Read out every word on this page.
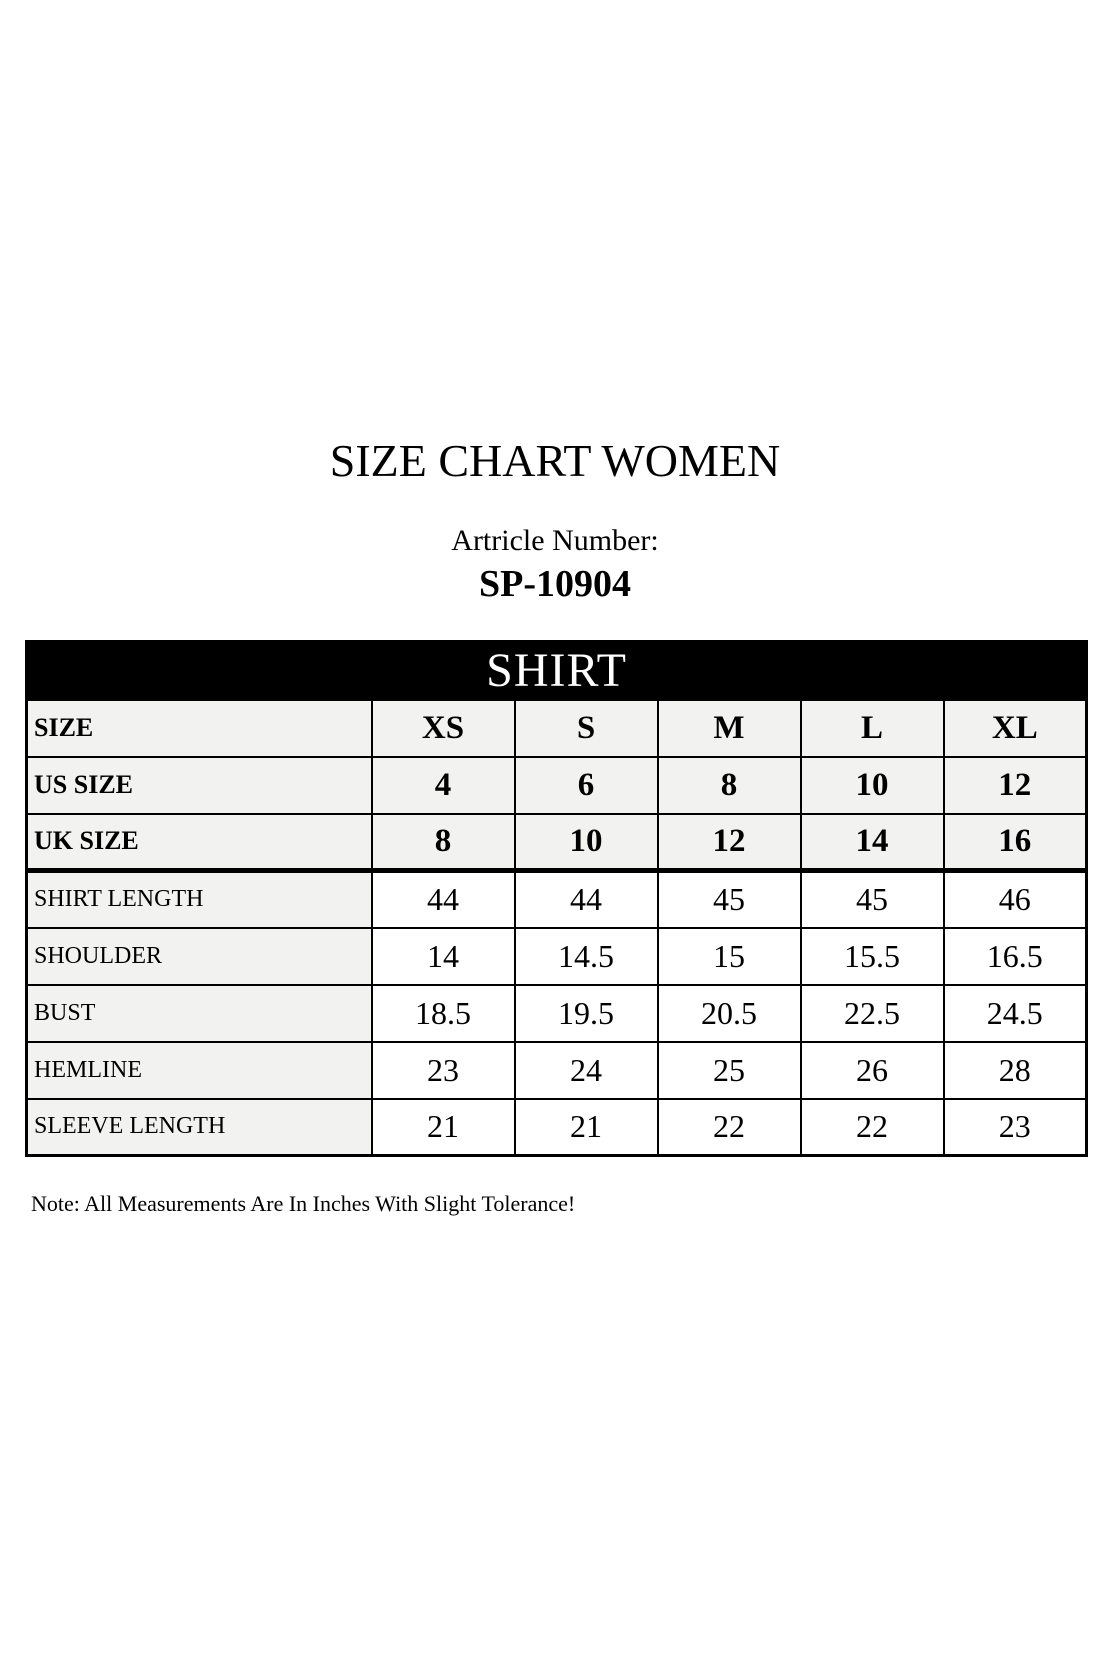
SIZE CHART WOMEN
Artricle Number:
SP-10904
SHIRT					
SIZE	XS	S	M	L	XL
US SIZE	4	6	8	10	12
UK SIZE	8	10	12	14	16
SHIRT LENGTH	44	44	45	45	46
SHOULDER	14	14.5	15	15.5	16.5
BUST	18.5	19.5	20.5	22.5	24.5
HEMLINE	23	24	25	26	28
SLEEVE LENGTH	21	21	22	22	23
Note: All Measurements Are In Inches With Slight Tolerance!
